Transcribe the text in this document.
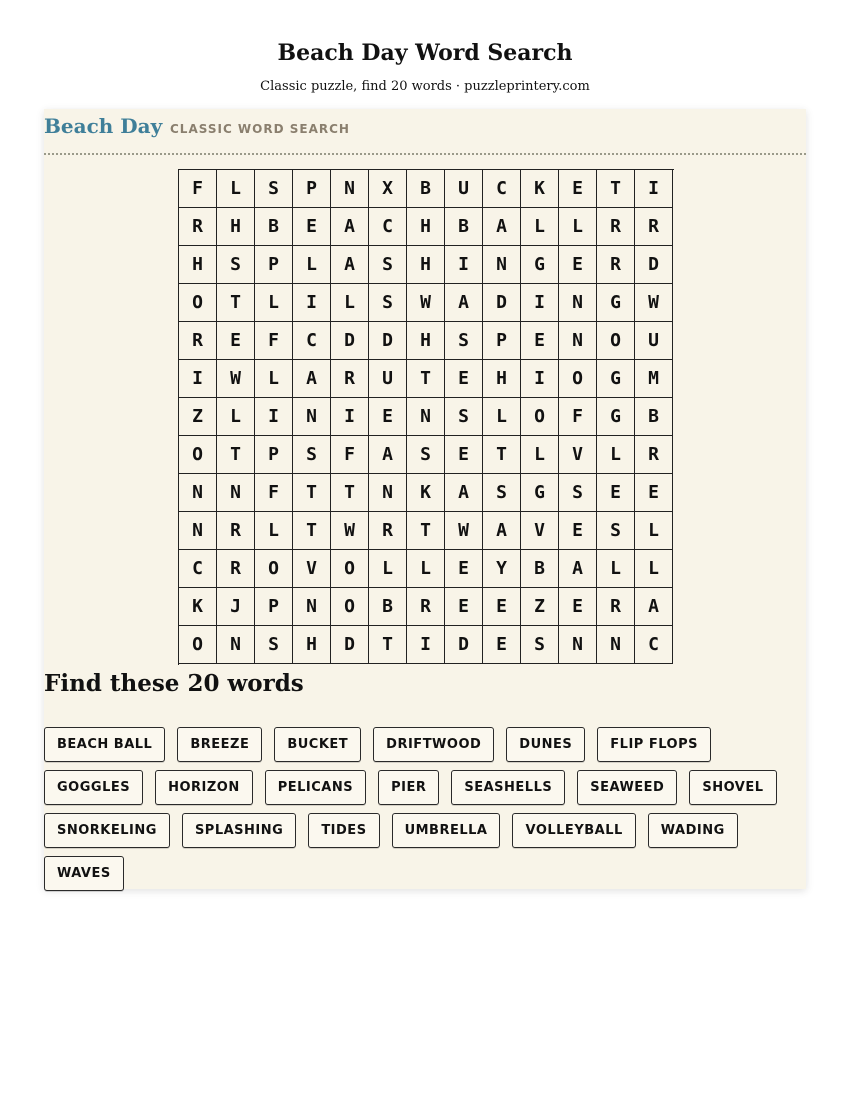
Beach Day Word Search
Classic puzzle, find 20 words · puzzleprintery.com
Beach Day CLASSIC WORD SEARCH
F	L	S	P	N	X	B	U	C	K	E	T	I
R	H	B	E	A	C	H	B	A	L	L	R	R
H	S	P	L	A	S	H	I	N	G	E	R	D
O	T	L	I	L	S	W	A	D	I	N	G	W
R	E	F	C	D	D	H	S	P	E	N	O	U
I	W	L	A	R	U	T	E	H	I	O	G	M
Z	L	I	N	I	E	N	S	L	O	F	G	B
O	T	P	S	F	A	S	E	T	L	V	L	R
N	N	F	T	T	N	K	A	S	G	S	E	E
N	R	L	T	W	R	T	W	A	V	E	S	L
C	R	O	V	O	L	L	E	Y	B	A	L	L
K	J	P	N	O	B	R	E	E	Z	E	R	A
O	N	S	H	D	T	I	D	E	S	N	N	C
Find these 20 words
BEACH BALL	BREEZE	BUCKET	DRIFTWOOD	DUNES	FLIP FLOPS
GOGGLES	HORIZON	PELICANS	PIER	SEASHELLS	SEAWEED	SHOVEL
SNORKELING	SPLASHING	TIDES	UMBRELLA	VOLLEYBALL	WADING
WAVES
